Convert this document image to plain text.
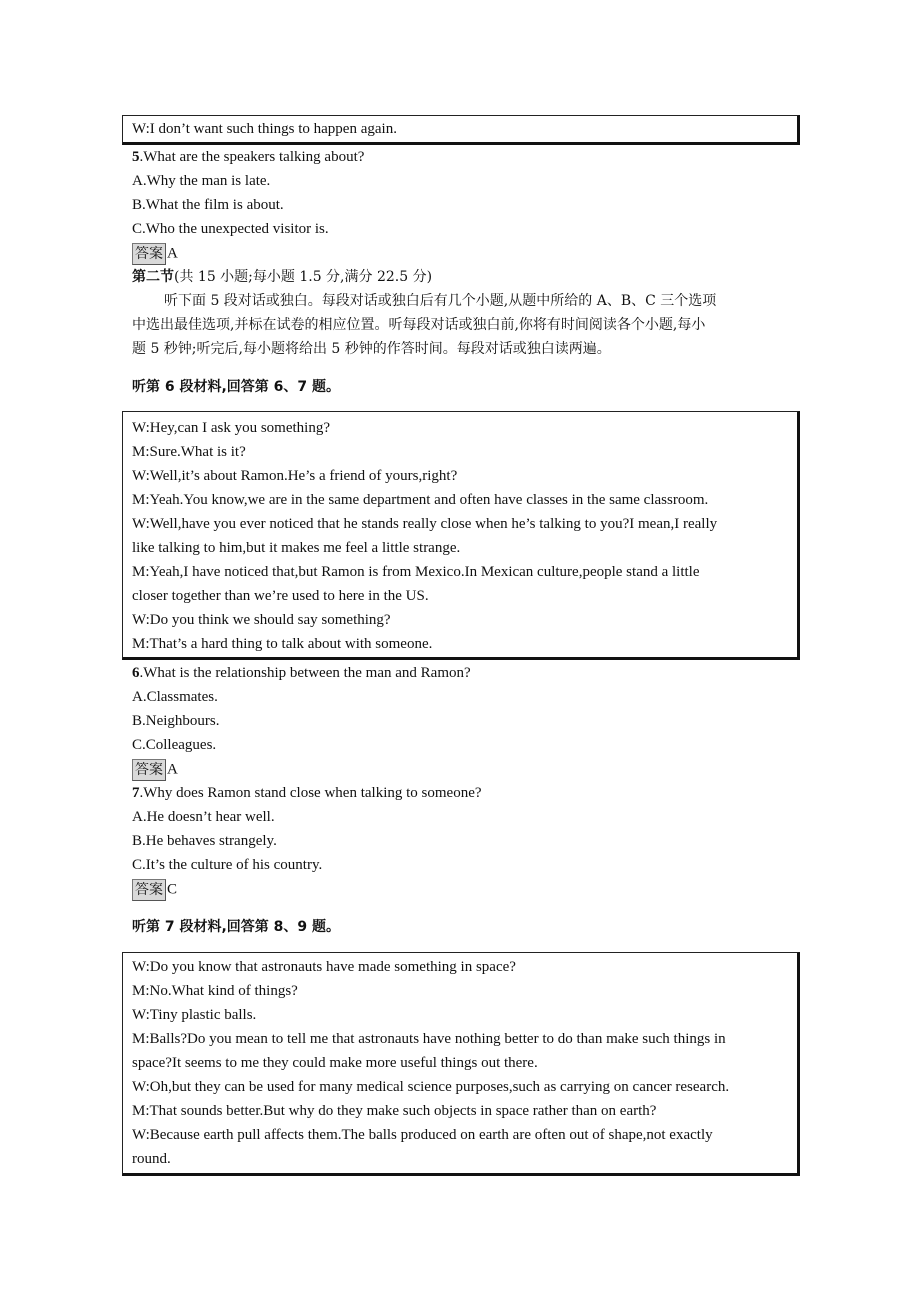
W:I don’t want such things to happen again.
5.What are the speakers talking about?
A.Why the man is late.
B.What the film is about.
C.Who the unexpected visitor is.
答案 A
第二节(共 15 小题;每小题 1.5 分,满分 22.5 分)
听下面 5 段对话或独白。每段对话或独白后有几个小题,从题中所给的 A、B、C 三个选项
中选出最佳选项,并标在试卷的相应位置。听每段对话或独白前,你将有时间阅读各个小题,每小
题 5 秒钟;听完后,每小题将给出 5 秒钟的作答时间。每段对话或独白读两遍。
听第 6 段材料,回答第 6、7 题。
W:Hey,can I ask you something?
M:Sure.What is it?
W:Well,it’s about Ramon.He’s a friend of yours,right?
M:Yeah.You know,we are in the same department and often have classes in the same classroom.
W:Well,have you ever noticed that he stands really close when he’s talking to you?I mean,I really
like talking to him,but it makes me feel a little strange.
M:Yeah,I have noticed that,but Ramon is from Mexico.In Mexican culture,people stand a little
closer together than we’re used to here in the US.
W:Do you think we should say something?
M:That’s a hard thing to talk about with someone.
6.What is the relationship between the man and Ramon?
A.Classmates.
B.Neighbours.
C.Colleagues.
答案 A
7.Why does Ramon stand close when talking to someone?
A.He doesn’t hear well.
B.He behaves strangely.
C.It’s the culture of his country.
答案 C
听第 7 段材料,回答第 8、9 题。
W:Do you know that astronauts have made something in space?
M:No.What kind of things?
W:Tiny plastic balls.
M:Balls?Do you mean to tell me that astronauts have nothing better to do than make such things in
space?It seems to me they could make more useful things out there.
W:Oh,but they can be used for many medical science purposes,such as carrying on cancer research.
M:That sounds better.But why do they make such objects in space rather than on earth?
W:Because earth pull affects them.The balls produced on earth are often out of shape,not exactly
round.
